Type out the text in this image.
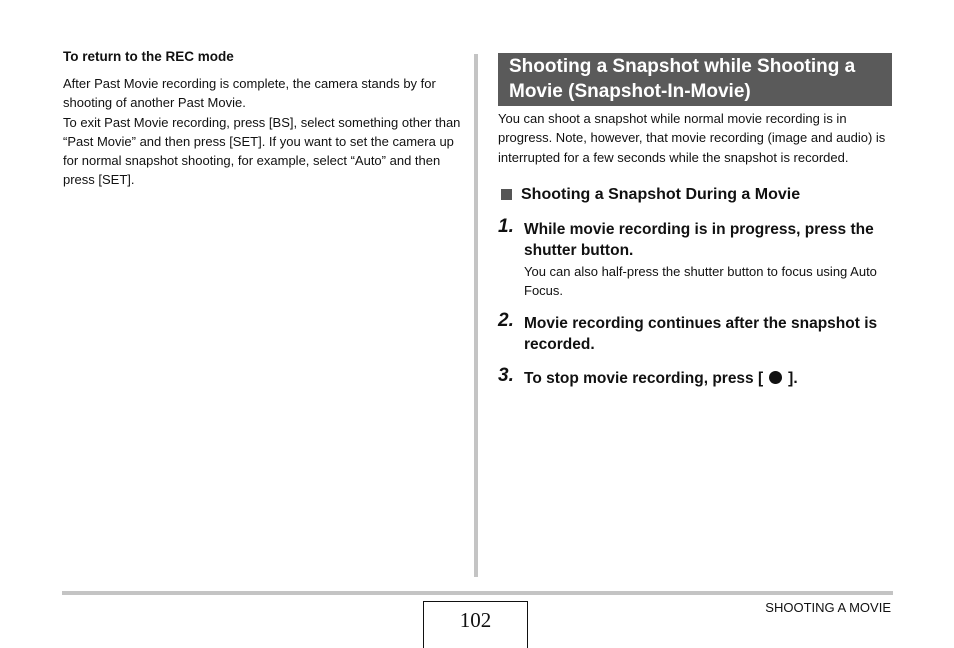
To return to the REC mode

After Past Movie recording is complete, the camera stands by for shooting of another Past Movie.

To exit Past Movie recording, press [BS], select something other than “Past Movie” and then press [SET]. If you want to set the camera up for normal snapshot shooting, for example, select “Auto” and then press [SET].

Shooting a Snapshot while Shooting a Movie (Snapshot-In-Movie)

You can shoot a snapshot while normal movie recording is in progress. Note, however, that movie recording (image and audio) is interrupted for a few seconds while the snapshot is recorded.

Shooting a Snapshot During a Movie
1. While movie recording is in progress, press the shutter button.

You can also half-press the shutter button to focus using Auto Focus.

2. Movie recording continues after the snapshot is recorded.

3. To stop movie recording, press [ ].

102
SHOOTING A MOVIE
